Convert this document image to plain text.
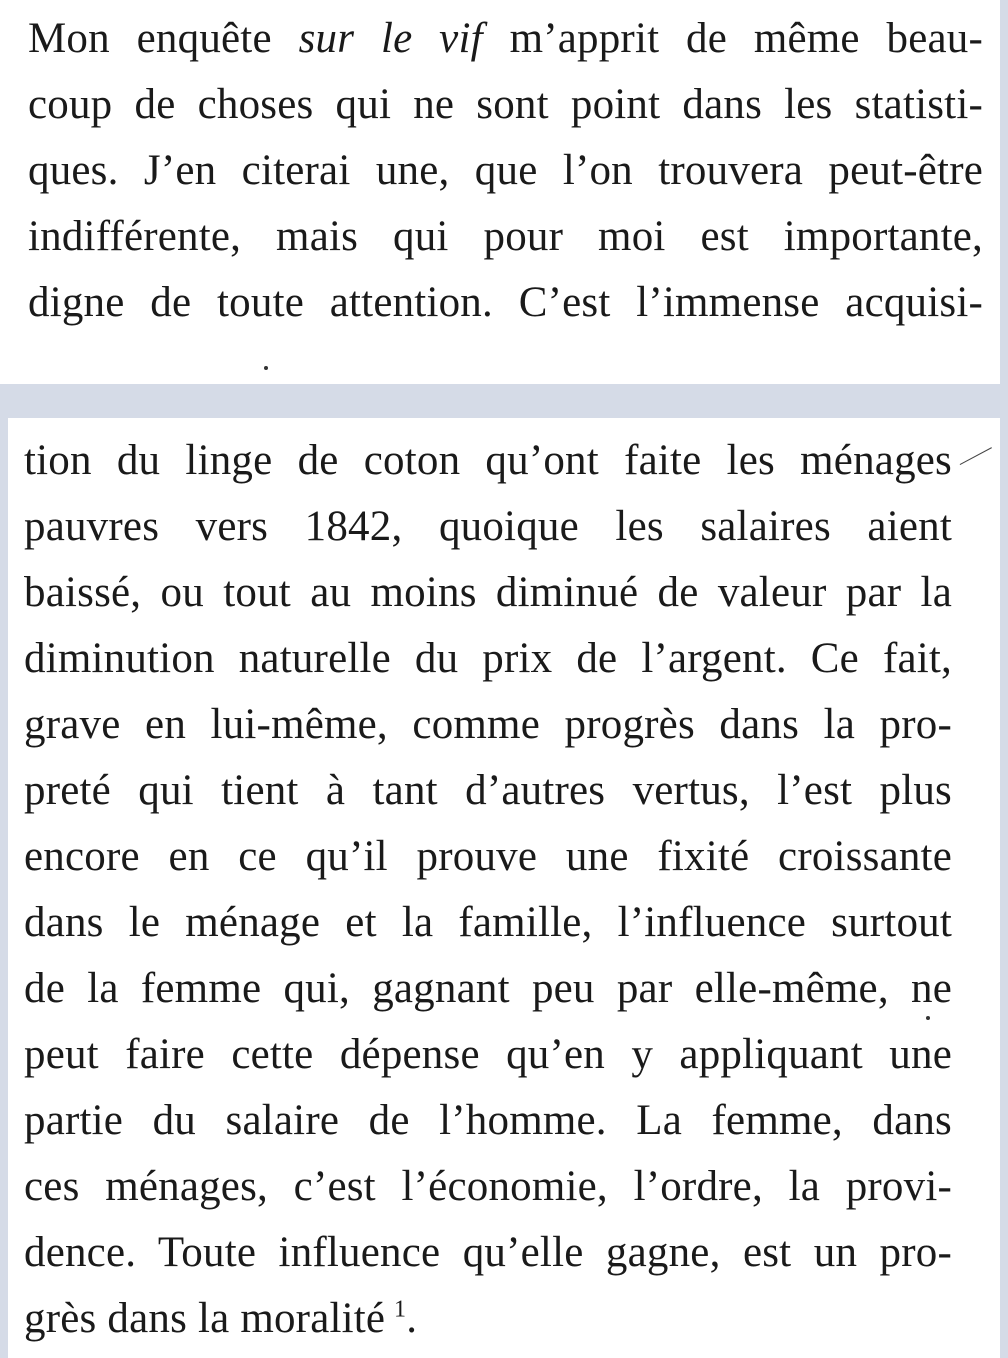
Mon enquête sur le vif m’apprit de même beau-
coup de choses qui ne sont point dans les statisti-
ques. J’en citerai une, que l’on trouvera peut-être
indifférente, mais qui pour moi est importante,
digne de toute attention. C’est l’immense acquisi-
tion du linge de coton qu’ont faite les ménages
pauvres vers 1842, quoique les salaires aient
baissé, ou tout au moins diminué de valeur par la
diminution naturelle du prix de l’argent. Ce fait,
grave en lui-même, comme progrès dans la pro-
preté qui tient à tant d’autres vertus, l’est plus
encore en ce qu’il prouve une fixité croissante
dans le ménage et la famille, l’influence surtout
de la femme qui, gagnant peu par elle-même, ne
peut faire cette dépense qu’en y appliquant une
partie du salaire de l’homme. La femme, dans
ces ménages, c’est l’économie, l’ordre, la provi-
dence. Toute influence qu’elle gagne, est un pro-
grès dans la moralité  $^1$.
